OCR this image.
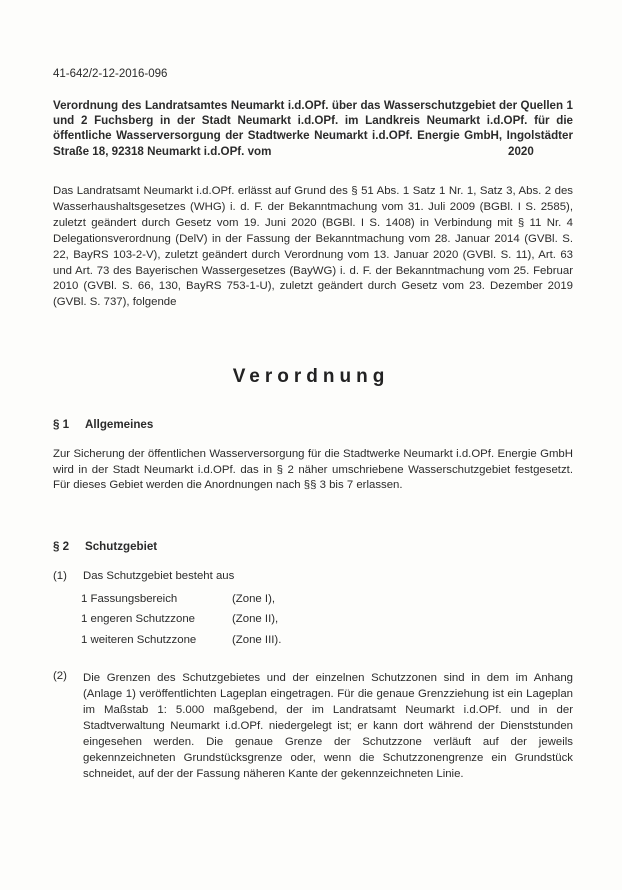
41-642/2-12-2016-096
Verordnung des Landratsamtes Neumarkt i.d.OPf. über das Wasserschutzgebiet der Quellen 1 und 2 Fuchsberg in der Stadt Neumarkt i.d.OPf. im Landkreis Neumarkt i.d.OPf. für die öffentliche Wasserversorgung der Stadtwerke Neumarkt i.d.OPf. Energie GmbH, Ingolstädter Straße 18, 92318 Neumarkt i.d.OPf. vom	2020
Das Landratsamt Neumarkt i.d.OPf. erlässt auf Grund des § 51 Abs. 1 Satz 1 Nr. 1, Satz 3, Abs. 2 des Wasserhaushaltsgesetzes (WHG) i. d. F. der Bekanntmachung vom 31. Juli 2009 (BGBl. I S. 2585), zuletzt geändert durch Gesetz vom 19. Juni 2020 (BGBl. I S. 1408) in Verbindung mit § 11 Nr. 4 Delegationsverordnung (DelV) in der Fassung der Bekanntmachung vom 28. Januar 2014 (GVBl. S. 22, BayRS 103-2-V), zuletzt geändert durch Verordnung vom 13. Januar 2020 (GVBl. S. 11), Art. 63 und Art. 73 des Bayerischen Wassergesetzes (BayWG) i. d. F. der Bekanntmachung vom 25. Februar 2010 (GVBl. S. 66, 130, BayRS 753-1-U), zuletzt geändert durch Gesetz vom 23. Dezember 2019 (GVBl. S. 737), folgende
Verordnung
§ 1 Allgemeines
Zur Sicherung der öffentlichen Wasserversorgung für die Stadtwerke Neumarkt i.d.OPf. Energie GmbH wird in der Stadt Neumarkt i.d.OPf. das in § 2 näher umschriebene Wasserschutzgebiet festgesetzt. Für dieses Gebiet werden die Anordnungen nach §§ 3 bis 7 erlassen.
§ 2 Schutzgebiet
(1) Das Schutzgebiet besteht aus
1 Fassungsbereich	(Zone I),
1 engeren Schutzzone	(Zone II),
1 weiteren Schutzzone	(Zone III).
(2) Die Grenzen des Schutzgebietes und der einzelnen Schutzzonen sind in dem im Anhang (Anlage 1) veröffentlichten Lageplan eingetragen. Für die genaue Grenzziehung ist ein Lageplan im Maßstab 1: 5.000 maßgebend, der im Landratsamt Neumarkt i.d.OPf. und in der Stadtverwaltung Neumarkt i.d.OPf. niedergelegt ist; er kann dort während der Dienststunden eingesehen werden. Die genaue Grenze der Schutzzone verläuft auf der jeweils gekennzeichneten Grundstücksgrenze oder, wenn die Schutzzonengrenze ein Grundstück schneidet, auf der der Fassung näheren Kante der gekennzeichneten Linie.
